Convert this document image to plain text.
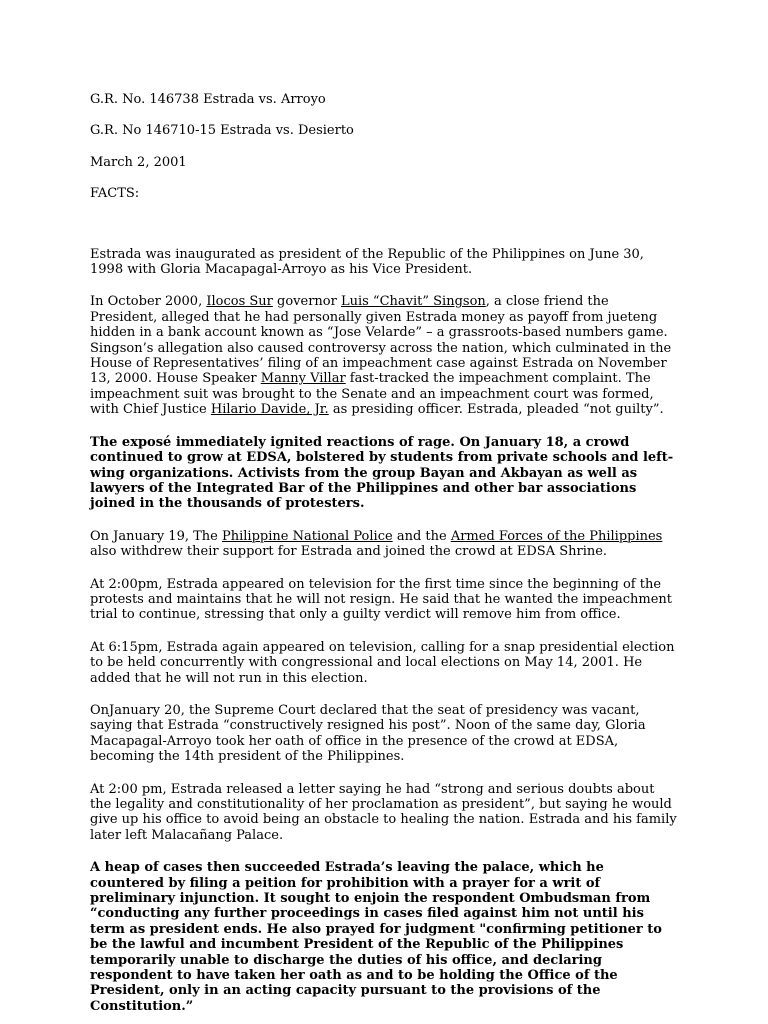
G.R. No. 146738 Estrada vs. Arroyo

G.R. No 146710-15 Estrada vs. Desierto

March 2, 2001

FACTS:

Estrada was inaugurated as president of the Republic of the Philippines on June 30, 1998 with Gloria Macapagal-Arroyo as his Vice President.

In October 2000, Ilocos Sur governor Luis “Chavit” Singson, a close friend the President, alleged that he had personally given Estrada money as payoff from jueteng hidden in a bank account known as “Jose Velarde” – a grassroots-based numbers game. Singson’s allegation also caused controversy across the nation, which culminated in the House of Representatives’ filing of an impeachment case against Estrada on November 13, 2000. House Speaker Manny Villar fast-tracked the impeachment complaint. The impeachment suit was brought to the Senate and an impeachment court was formed, with Chief Justice Hilario Davide, Jr. as presiding officer. Estrada, pleaded “not guilty”.

The exposé immediately ignited reactions of rage. On January 18, a crowd continued to grow at EDSA, bolstered by students from private schools and left-wing organizations. Activists from the group Bayan and Akbayan as well as lawyers of the Integrated Bar of the Philippines and other bar associations joined in the thousands of protesters.

On January 19, The Philippine National Police and the Armed Forces of the Philippines also withdrew their support for Estrada and joined the crowd at EDSA Shrine.

At 2:00pm, Estrada appeared on television for the first time since the beginning of the protests and maintains that he will not resign. He said that he wanted the impeachment trial to continue, stressing that only a guilty verdict will remove him from office.

At 6:15pm, Estrada again appeared on television, calling for a snap presidential election to be held concurrently with congressional and local elections on May 14, 2001. He added that he will not run in this election.

OnJanuary 20, the Supreme Court declared that the seat of presidency was vacant, saying that Estrada “constructively resigned his post”. Noon of the same day, Gloria Macapagal-Arroyo took her oath of office in the presence of the crowd at EDSA, becoming the 14th president of the Philippines.

At 2:00 pm, Estrada released a letter saying he had “strong and serious doubts about the legality and constitutionality of her proclamation as president”, but saying he would give up his office to avoid being an obstacle to healing the nation. Estrada and his family later left Malacañang Palace.

A heap of cases then succeeded Estrada’s leaving the palace, which he countered by filing a peition for prohibition with a prayer for a writ of preliminary injunction. It sought to enjoin the respondent Ombudsman from “conducting any further proceedings in cases filed against him not until his term as president ends. He also prayed for judgment "confirming petitioner to be the lawful and incumbent President of the Republic of the Philippines temporarily unable to discharge the duties of his office, and declaring respondent to have taken her oath as and to be holding the Office of the President, only in an acting capacity pursuant to the provisions of the Constitution.”
